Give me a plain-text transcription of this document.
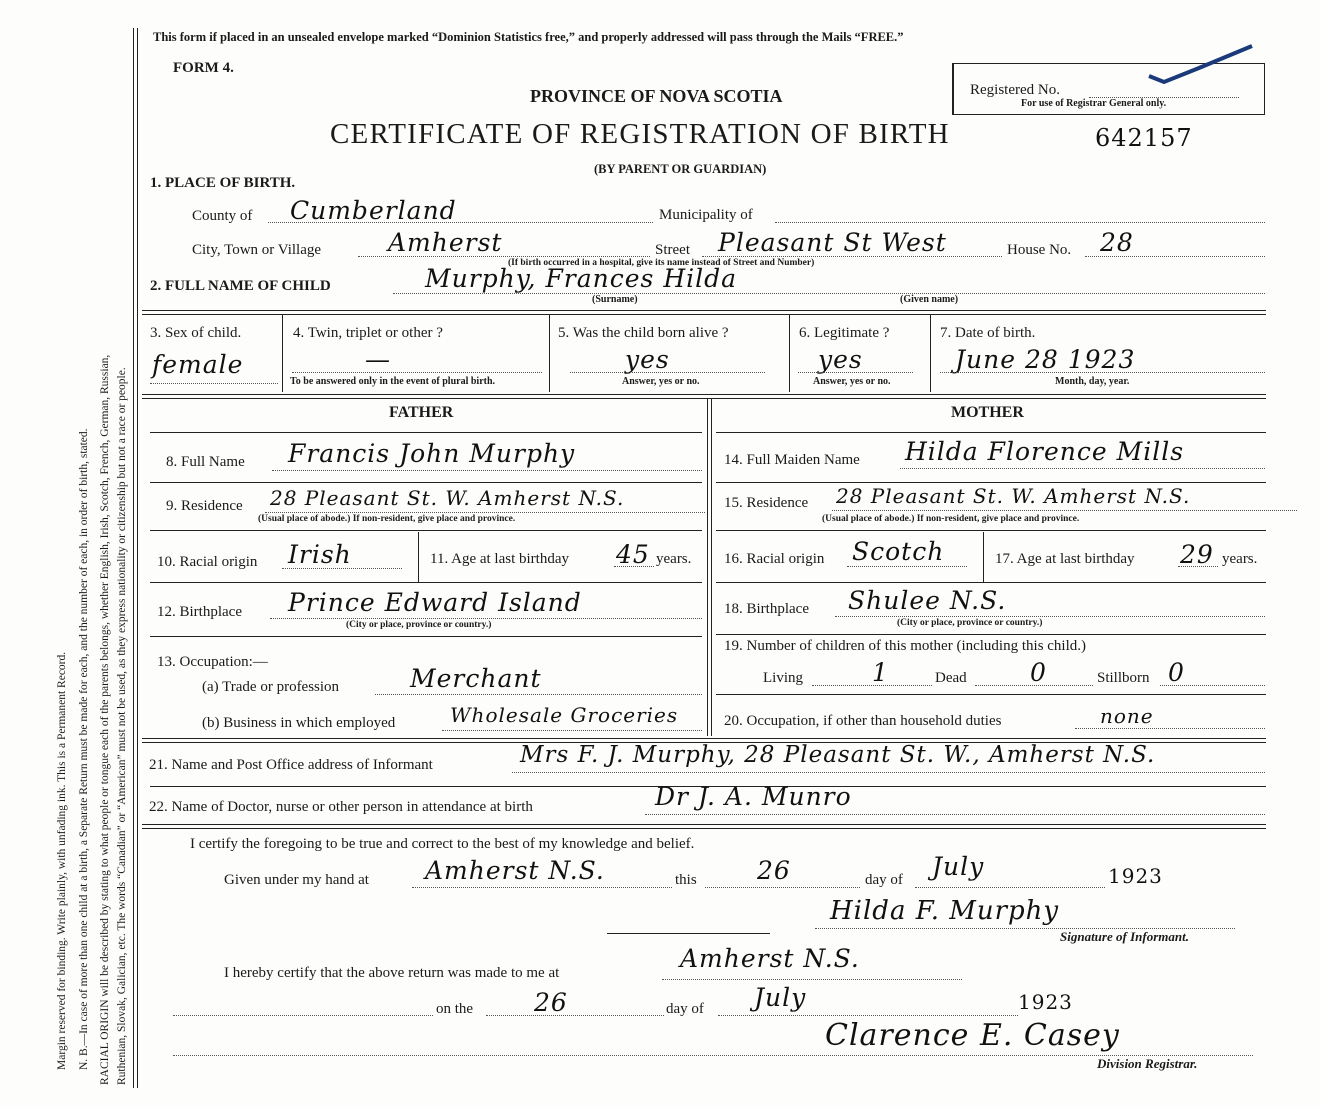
Margin reserved for binding. Write plainly, with unfading ink. This is a Permanent Record. N. B.—In case of more than one child at a birth, a Separate Return must be made for each, and the number of each, in order of birth, stated. RACIAL ORIGIN will be described by stating to what people or tongue each of the parents belongs, whether English, Irish, Scotch, French, German, Russian, Ruthenian, Slovak, Galician, etc. The words “Canadian” or “American” must not be used, as they express nationality or citizenship but not a race or people.
This form if placed in an unsealed envelope marked “Dominion Statistics free,” and properly addressed will pass through the Mails “FREE.”
FORM 4.
PROVINCE OF NOVA SCOTIA
CERTIFICATE OF REGISTRATION OF BIRTH	642157
(BY PARENT OR GUARDIAN)
Registered No.
For use of Registrar General only.
1. PLACE OF BIRTH.
County of Cumberland	Municipality of
City, Town or Village	Amherst	Street Pleasant St West	House No. 28
(If birth occurred in a hospital, give its name instead of Street and Number)
2. FULL NAME OF CHILD	Murphy, Frances Hilda
(Surname)	(Given name)
3. Sex of child.
female
4. Twin, triplet or other ?
—
To be answered only in the event of plural birth.
5. Was the child born alive ?
yes
Answer, yes or no.
6. Legitimate ?
yes
Answer, yes or no.
7. Date of birth.
June 28 1923
Month, day, year.
FATHER	MOTHER
8. Full Name Francis John Murphy
9. Residence 28 Pleasant St. W. Amherst N.S.
(Usual place of abode.) If non-resident, give place and province.
10. Racial origin Irish	11. Age at last birthday 45 years.
12. Birthplace Prince Edward Island
(City or place, province or country.)
13. Occupation:—
(a) Trade or profession	Merchant
(b) Business in which employed	Wholesale Groceries
14. Full Maiden Name Hilda Florence Mills
15. Residence 28 Pleasant St. W. Amherst N.S.
(Usual place of abode.) If non-resident, give place and province.
16. Racial origin Scotch	17. Age at last birthday 29 years.
18. Birthplace Shulee N.S.
(City or place, province or country.)
19. Number of children of this mother (including this child.)
Living	1	Dead	0	Stillborn 0
20. Occupation, if other than household duties	none
21. Name and Post Office address of Informant	Mrs F. J. Murphy, 28 Pleasant St. W., Amherst N.S.
22. Name of Doctor, nurse or other person in attendance at birth	Dr J. A. Munro
I certify the foregoing to be true and correct to the best of my knowledge and belief.
Given under my hand at Amherst N.S.	this 26	day of July	1923
Hilda F. Murphy
Signature of Informant.
I hereby certify that the above return was made to me at	Amherst N.S.
on the 26	day of July	1923
Clarence E. Casey
Division Registrar.
